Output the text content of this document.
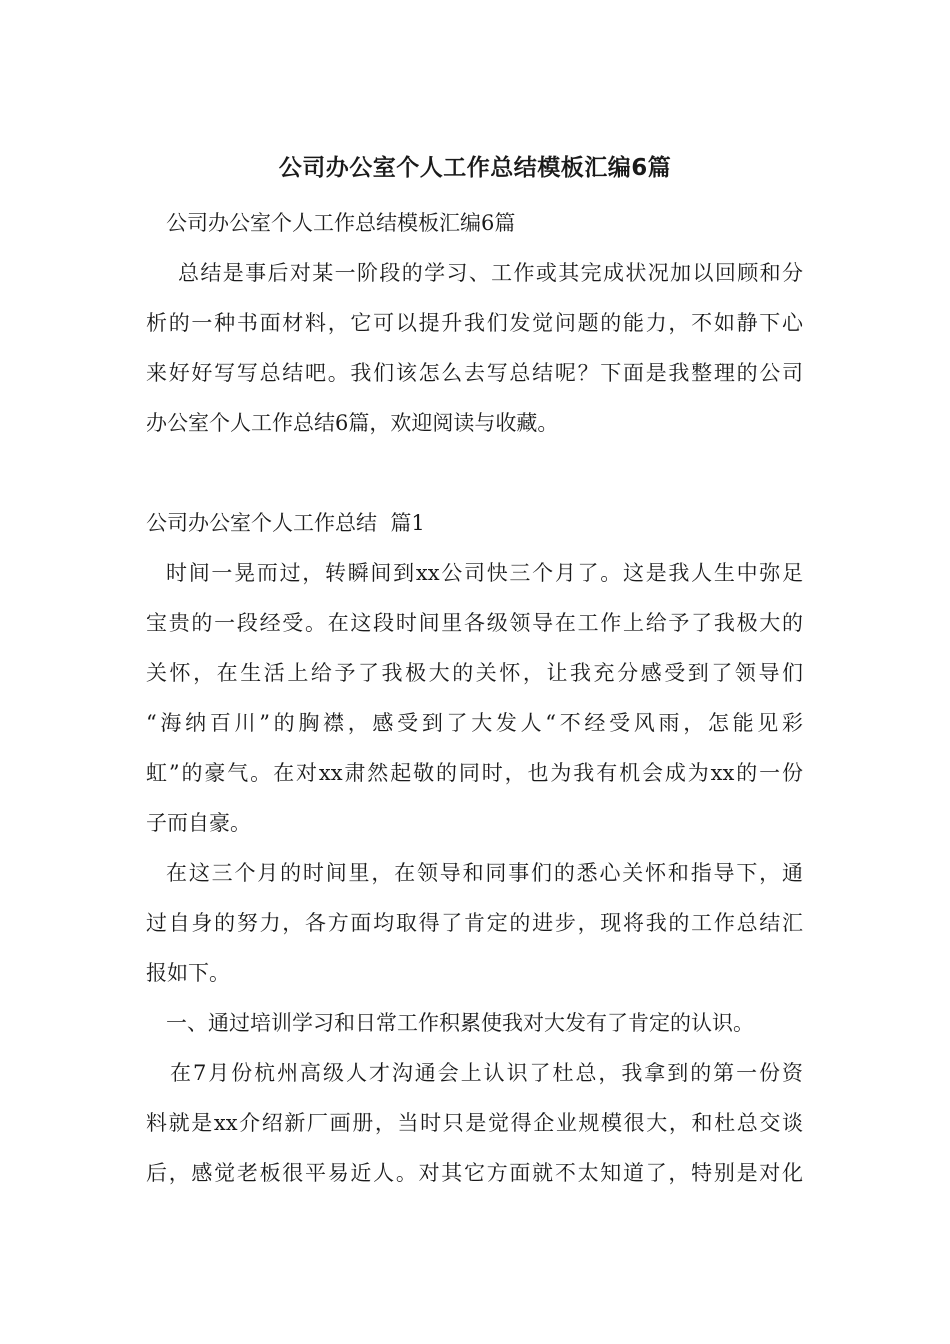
公司办公室个人工作总结模板汇编6篇
公司办公室个人工作总结模板汇编6篇
总结是事后对某一阶段的学习、工作或其完成状况加以回顾和分
析的一种书面材料，它可以提升我们发觉问题的能力，不如静下心
来好好写写总结吧。我们该怎么去写总结呢？下面是我整理的公司
办公室个人工作总结6篇，欢迎阅读与收藏。
公司办公室个人工作总结  篇1
时间一晃而过，转瞬间到xx公司快三个月了。这是我人生中弥足
宝贵的一段经受。在这段时间里各级领导在工作上给予了我极大的
关怀，在生活上给予了我极大的关怀，让我充分感受到了领导们
“海纳百川”的胸襟，感受到了大发人“不经受风雨，怎能见彩
虹”的豪气。在对xx肃然起敬的同时，也为我有机会成为xx的一份
子而自豪。
在这三个月的时间里，在领导和同事们的悉心关怀和指导下，通
过自身的努力，各方面均取得了肯定的进步，现将我的工作总结汇
报如下。
一、通过培训学习和日常工作积累使我对大发有了肯定的认识。
在7月份杭州高级人才沟通会上认识了杜总，我拿到的第一份资
料就是xx介绍新厂画册，当时只是觉得企业规模很大，和杜总交谈
后，感觉老板很平易近人。对其它方面就不太知道了，特别是对化
